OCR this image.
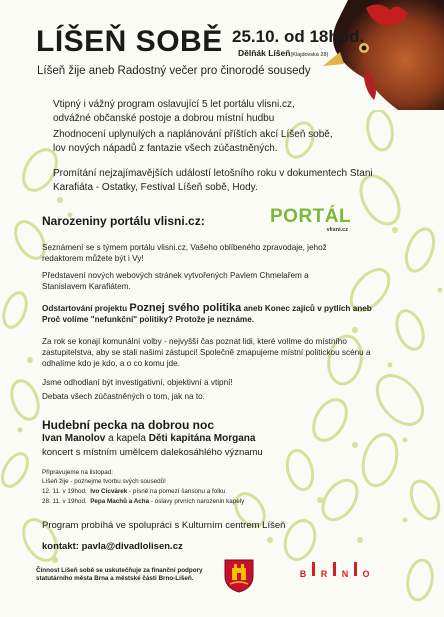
LÍŠEŇ SOBĚ 25.10. od 18hod.
Dělňák Líšeň(Klajdovská 28)
Líšeň žije aneb Radostný večer pro činorodé sousedy
Vtipný i vážný program oslavující 5 let portálu vlisni.cz, odvážné občanské postoje a dobrou místní hudbu
Zhodnocení uplynulých a naplánování příštích akcí Líšeň sobě, lov nových nápadů z fantazie všech zúčastněných.
Promítání nejzajímavějších událostí letošního roku v dokumentech Stani Karafiáta - Ostatky, Festival Líšeň sobě, Hody.
Narozeniny portálu vlisni.cz:	PORTÁL
vlisni.cz
Seznámení se s týmem portálu vlisni.cz, Vašeho oblíbeného zpravodaje, jehož redaktorem můžete být i Vy!
Představení nových webových stránek vytvořených Pavlem Chmelařem a Stanislavem Karafiátem.
Odstartování projektu Poznej svého politika aneb Konec zajíců v pytlích aneb Proč volíme "nefunkční" politiky? Protože je neznáme.
Za rok se konají komunální volby - nejvyšší čas poznat lidi, které volíme do místního zastupitelstva, aby se stali našimi zástupci! Společně zmapujeme místní politickou scénu a odhalíme kdo je kdo, a o co komu jde.
Jsme odhodlaní být investigativní, objektivní a vtipní!
Debata všech zúčastněných o tom, jak na to.
Hudební pecka na dobrou noc
Ivan Manolov a kapela Děti kapitána Morgana
koncert s místním umělcem dalekosáhlého významu
Připravujeme na listopad:
Líšeň žije - poznejme tvorbu svých sousedů!
12. 11. v 19hod. Ivo Cicvárek - písně na pomezí šansonu a folku
28. 11. v 19hod. Pepa Machů a Acha - oslavy prvních narozenin kapely
Program probíhá ve spolupráci s Kulturním centrem Líšeň
kontakt: pavla@divadlolisen.cz
Činnost Líšeň sobě se uskutečňuje za finanční podpory statutárního města Brna a městské části Brno-Líšeň.	B R N O
